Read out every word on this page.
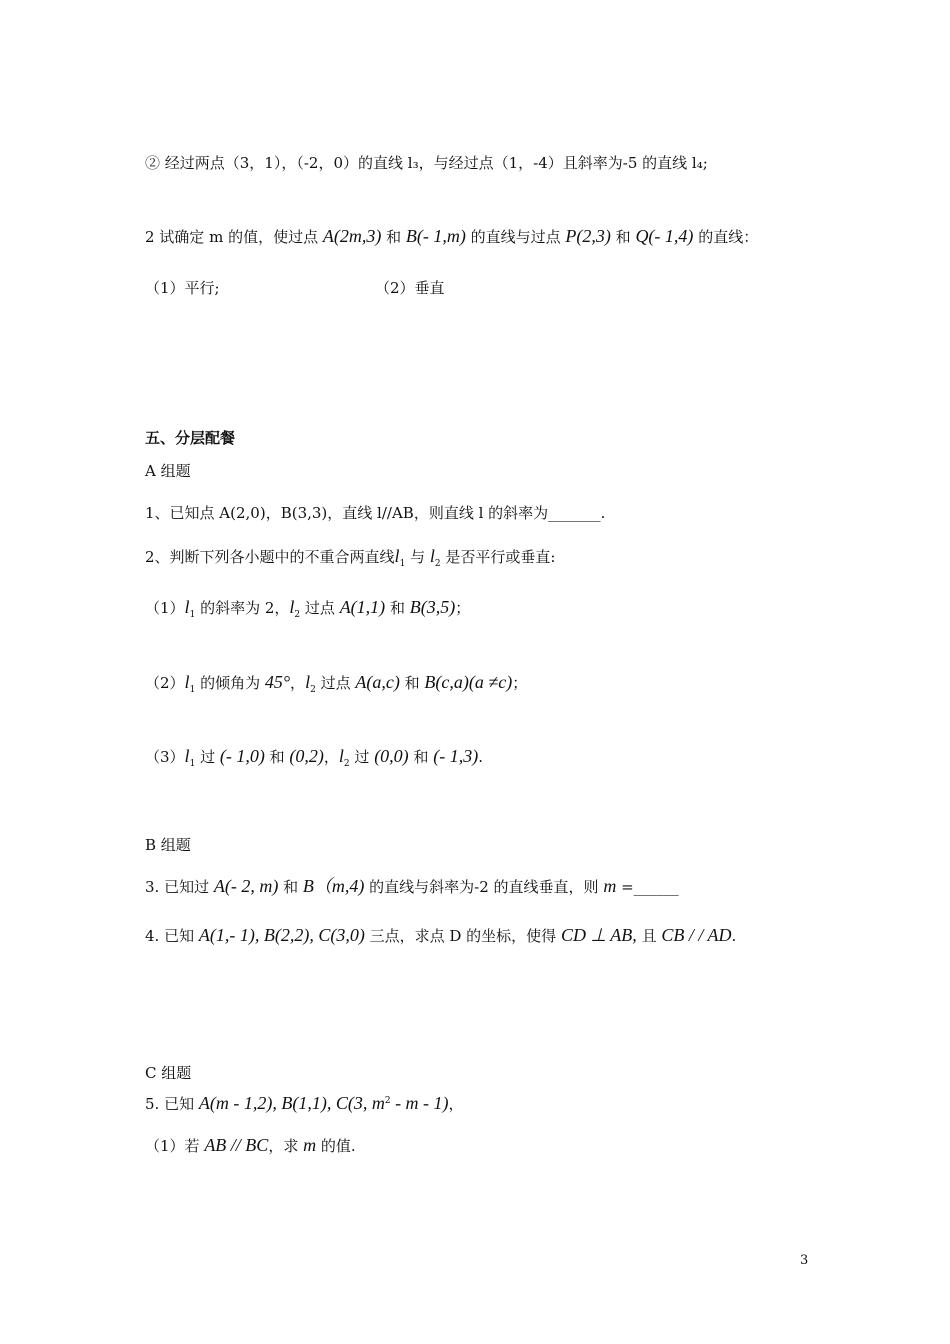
② 经过两点（3，1），（-2，0）的直线 l₃，与经过点（1，-4）且斜率为-5 的直线 l₄;
2 试确定 m 的值，使过点 A(2m,3) 和 B(- 1,m) 的直线与过点 P(2,3) 和 Q(- 1,4) 的直线：
（1）平行;	（2）垂直
五、分层配餐
A 组题
1、已知点 A(2,0)，B(3,3)，直线 l//AB，则直线 l 的斜率为_______.
2、判断下列各小题中的不重合两直线$l_1$ 与 $l_2$ 是否平行或垂直:
$(1)l_1$ 的斜率为 2，$l_2$ 过点 A(1,1) 和 B(3,5)；
$(2)l_1$ 的倾角为 45°，$l_2$ 过点 A(a,c) 和 B(c,a)(a ≠c)；
$(3)l_1$ 过 (- 1,0) 和 (0,2)，$l_2$ 过 (0,0) 和 (- 1,3).
B 组题
3. 已知过 A(- 2, m) 和 B（m,4) 的直线与斜率为-2 的直线垂直，则 m =______
4. 已知 A(1,- 1), B(2,2), C(3,0) 三点，求点 D 的坐标，使得 CD ⊥ AB, 且 CB / / AD.
C 组题
5. 已知 A(m - 1,2), B(1,1), C(3, $m^2$ - m - 1)，
（1）若 AB // BC，求 m 的值.
3
